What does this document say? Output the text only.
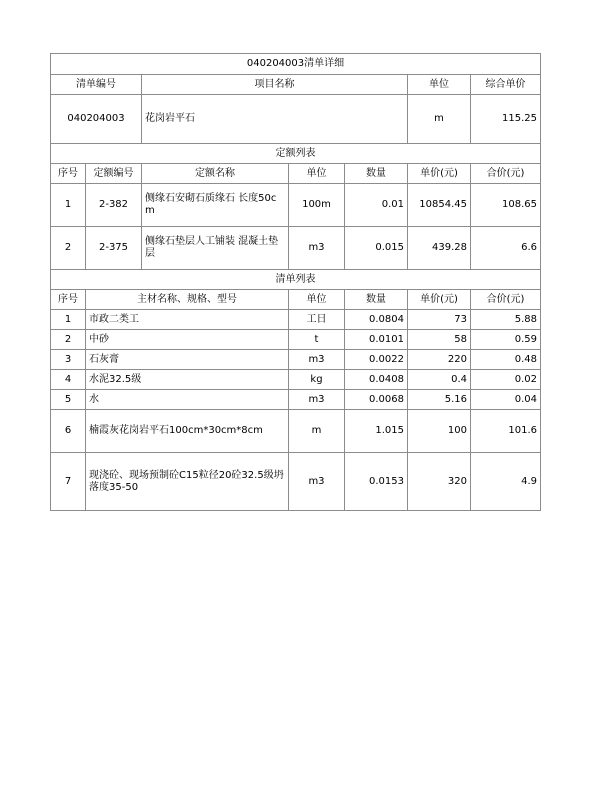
040204003清单详细						
清单编号		项目名称			单位	综合单价
040204003		花岗岩平石			m	115.25
定额列表						
序号	定额编号	定额名称	单位	数量	单价(元)	合价(元)
1	2-382	侧缘石安砌石质缘石 长度50cm	100m	0.01	10854.45	108.65
2	2-375	侧缘石垫层人工铺装 混凝土垫层	m3	0.015	439.28	6.6
清单列表						
序号	主材名称、规格、型号		单位	数量	单价(元)	合价(元)
1	市政二类工		工日	0.0804	73	5.88
2	中砂		t	0.0101	58	0.59
3	石灰膏		m3	0.0022	220	0.48
4	水泥32.5级		kg	0.0408	0.4	0.02
5	水		m3	0.0068	5.16	0.04
6	楠霞灰花岗岩平石100cm*30cm*8cm		m	1.015	100	101.6
7	现浇砼、现场预制砼C15粒径20砼32.5级坍落度35-50		m3	0.0153	320	4.9
